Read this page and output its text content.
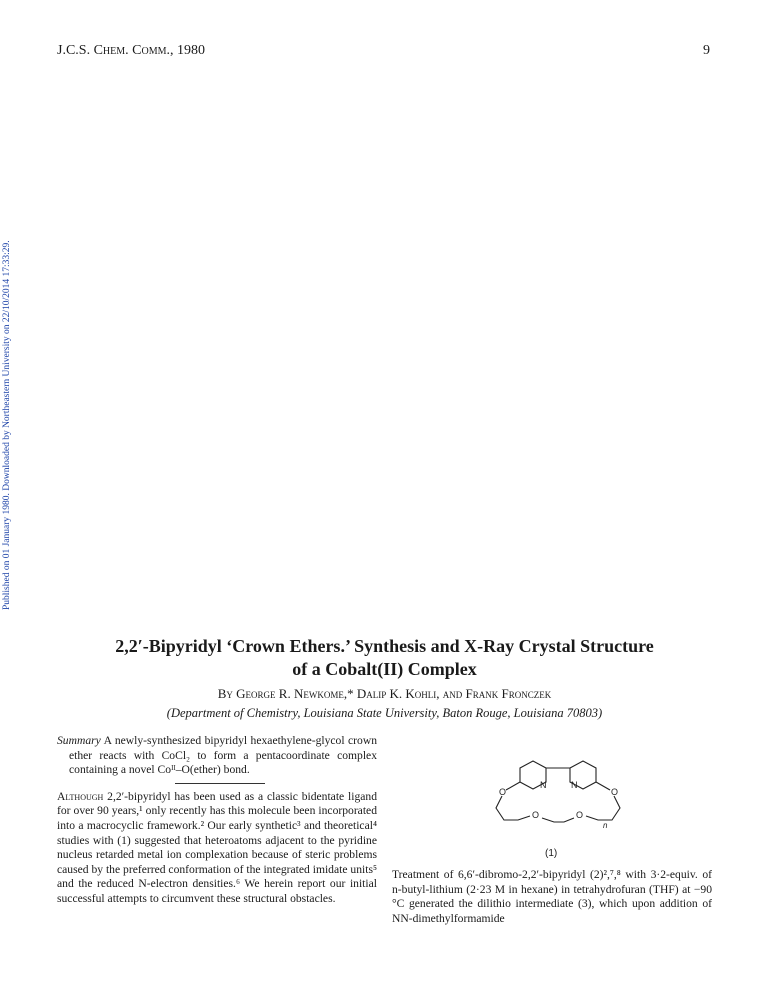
J.C.S. Chem. Comm., 1980	9
Published on 01 January 1980. Downloaded by Northeastern University on 22/10/2014 17:33:29.
2,2′-Bipyridyl ‘Crown Ethers.’ Synthesis and X-Ray Crystal Structure
of a Cobalt(II) Complex
By George R. Newkome,* Dalip K. Kohli, and Frank Fronczek
(Department of Chemistry, Louisiana State University, Baton Rouge, Louisiana 70803)

Summary A newly-synthesized bipyridyl hexaethylene-glycol crown ether reacts with CoCl₂ to form a pentacoordinate complex containing a novel Coᴵᴵ–O(ether) bond.

Although 2,2′-bipyridyl has been used as a classic bidentate ligand for over 90 years,¹ only recently has this molecule been incorporated into a macrocyclic framework.² Our early synthetic³ and theoretical⁴ studies with (1) suggested that heteroatoms adjacent to the pyridine nucleus retarded metal ion complexation because of steric problems caused by the preferred conformation of the integrated imidate units⁵ and the reduced N-electron densities.⁶ We herein report our initial successful attempts to circumvent these structural obstacles.

O	O
O	O
N	N
n
(1)
Treatment of 6,6′-dibromo-2,2′-bipyridyl (2)²,⁷,⁸ with 3·2-equiv. of n-butyl-lithium (2·23 M in hexane) in tetrahydrofuran (THF) at −90 °C generated the dilithio intermediate (3), which upon addition of NN-dimethylformamide
